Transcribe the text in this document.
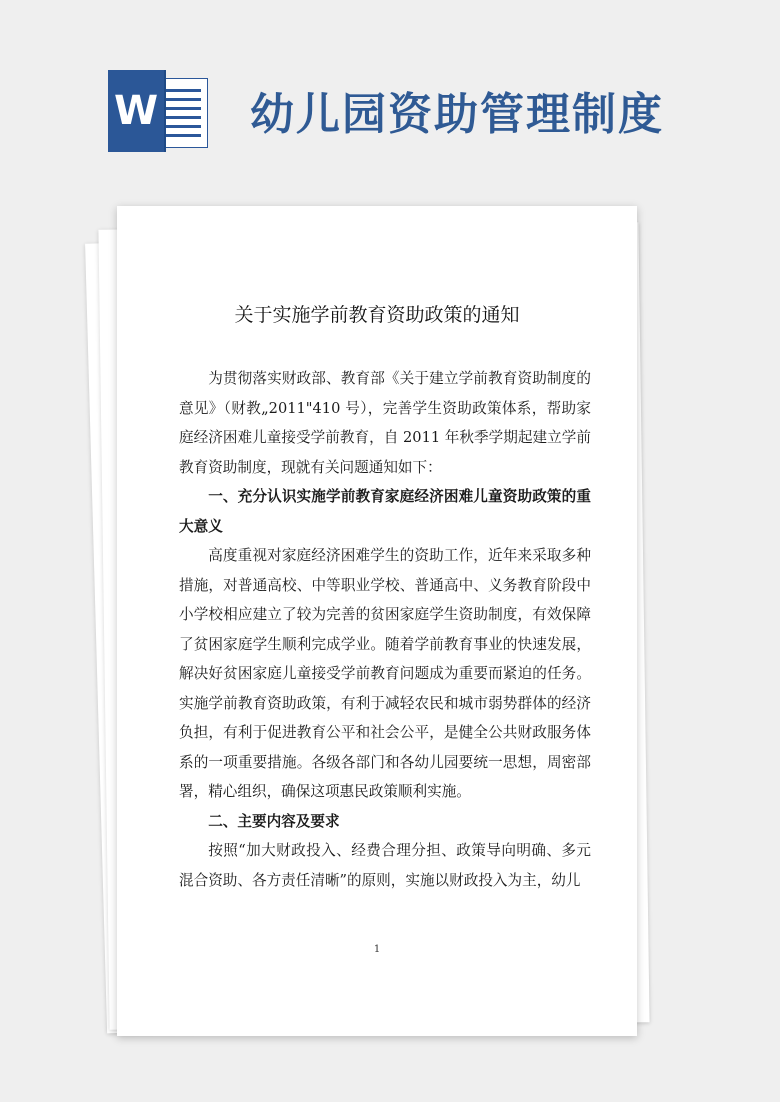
W 幼儿园资助管理制度
关于实施学前教育资助政策的通知

为贯彻落实财政部、教育部《关于建立学前教育资助制度的意见》（财教„2011"410 号），完善学生资助政策体系，帮助家庭经济困难儿童接受学前教育，自 2011 年秋季学期起建立学前教育资助制度，现就有关问题通知如下：

一、充分认识实施学前教育家庭经济困难儿童资助政策的重大意义

高度重视对家庭经济困难学生的资助工作，近年来采取多种措施，对普通高校、中等职业学校、普通高中、义务教育阶段中小学校相应建立了较为完善的贫困家庭学生资助制度，有效保障了贫困家庭学生顺利完成学业。随着学前教育事业的快速发展，解决好贫困家庭儿童接受学前教育问题成为重要而紧迫的任务。实施学前教育资助政策，有利于减轻农民和城市弱势群体的经济负担，有利于促进教育公平和社会公平，是健全公共财政服务体系的一项重要措施。各级各部门和各幼儿园要统一思想，周密部署，精心组织，确保这项惠民政策顺利实施。

二、主要内容及要求

按照“加大财政投入、经费合理分担、政策导向明确、多元混合资助、各方责任清晰”的原则，实施以财政投入为主，幼儿

1
